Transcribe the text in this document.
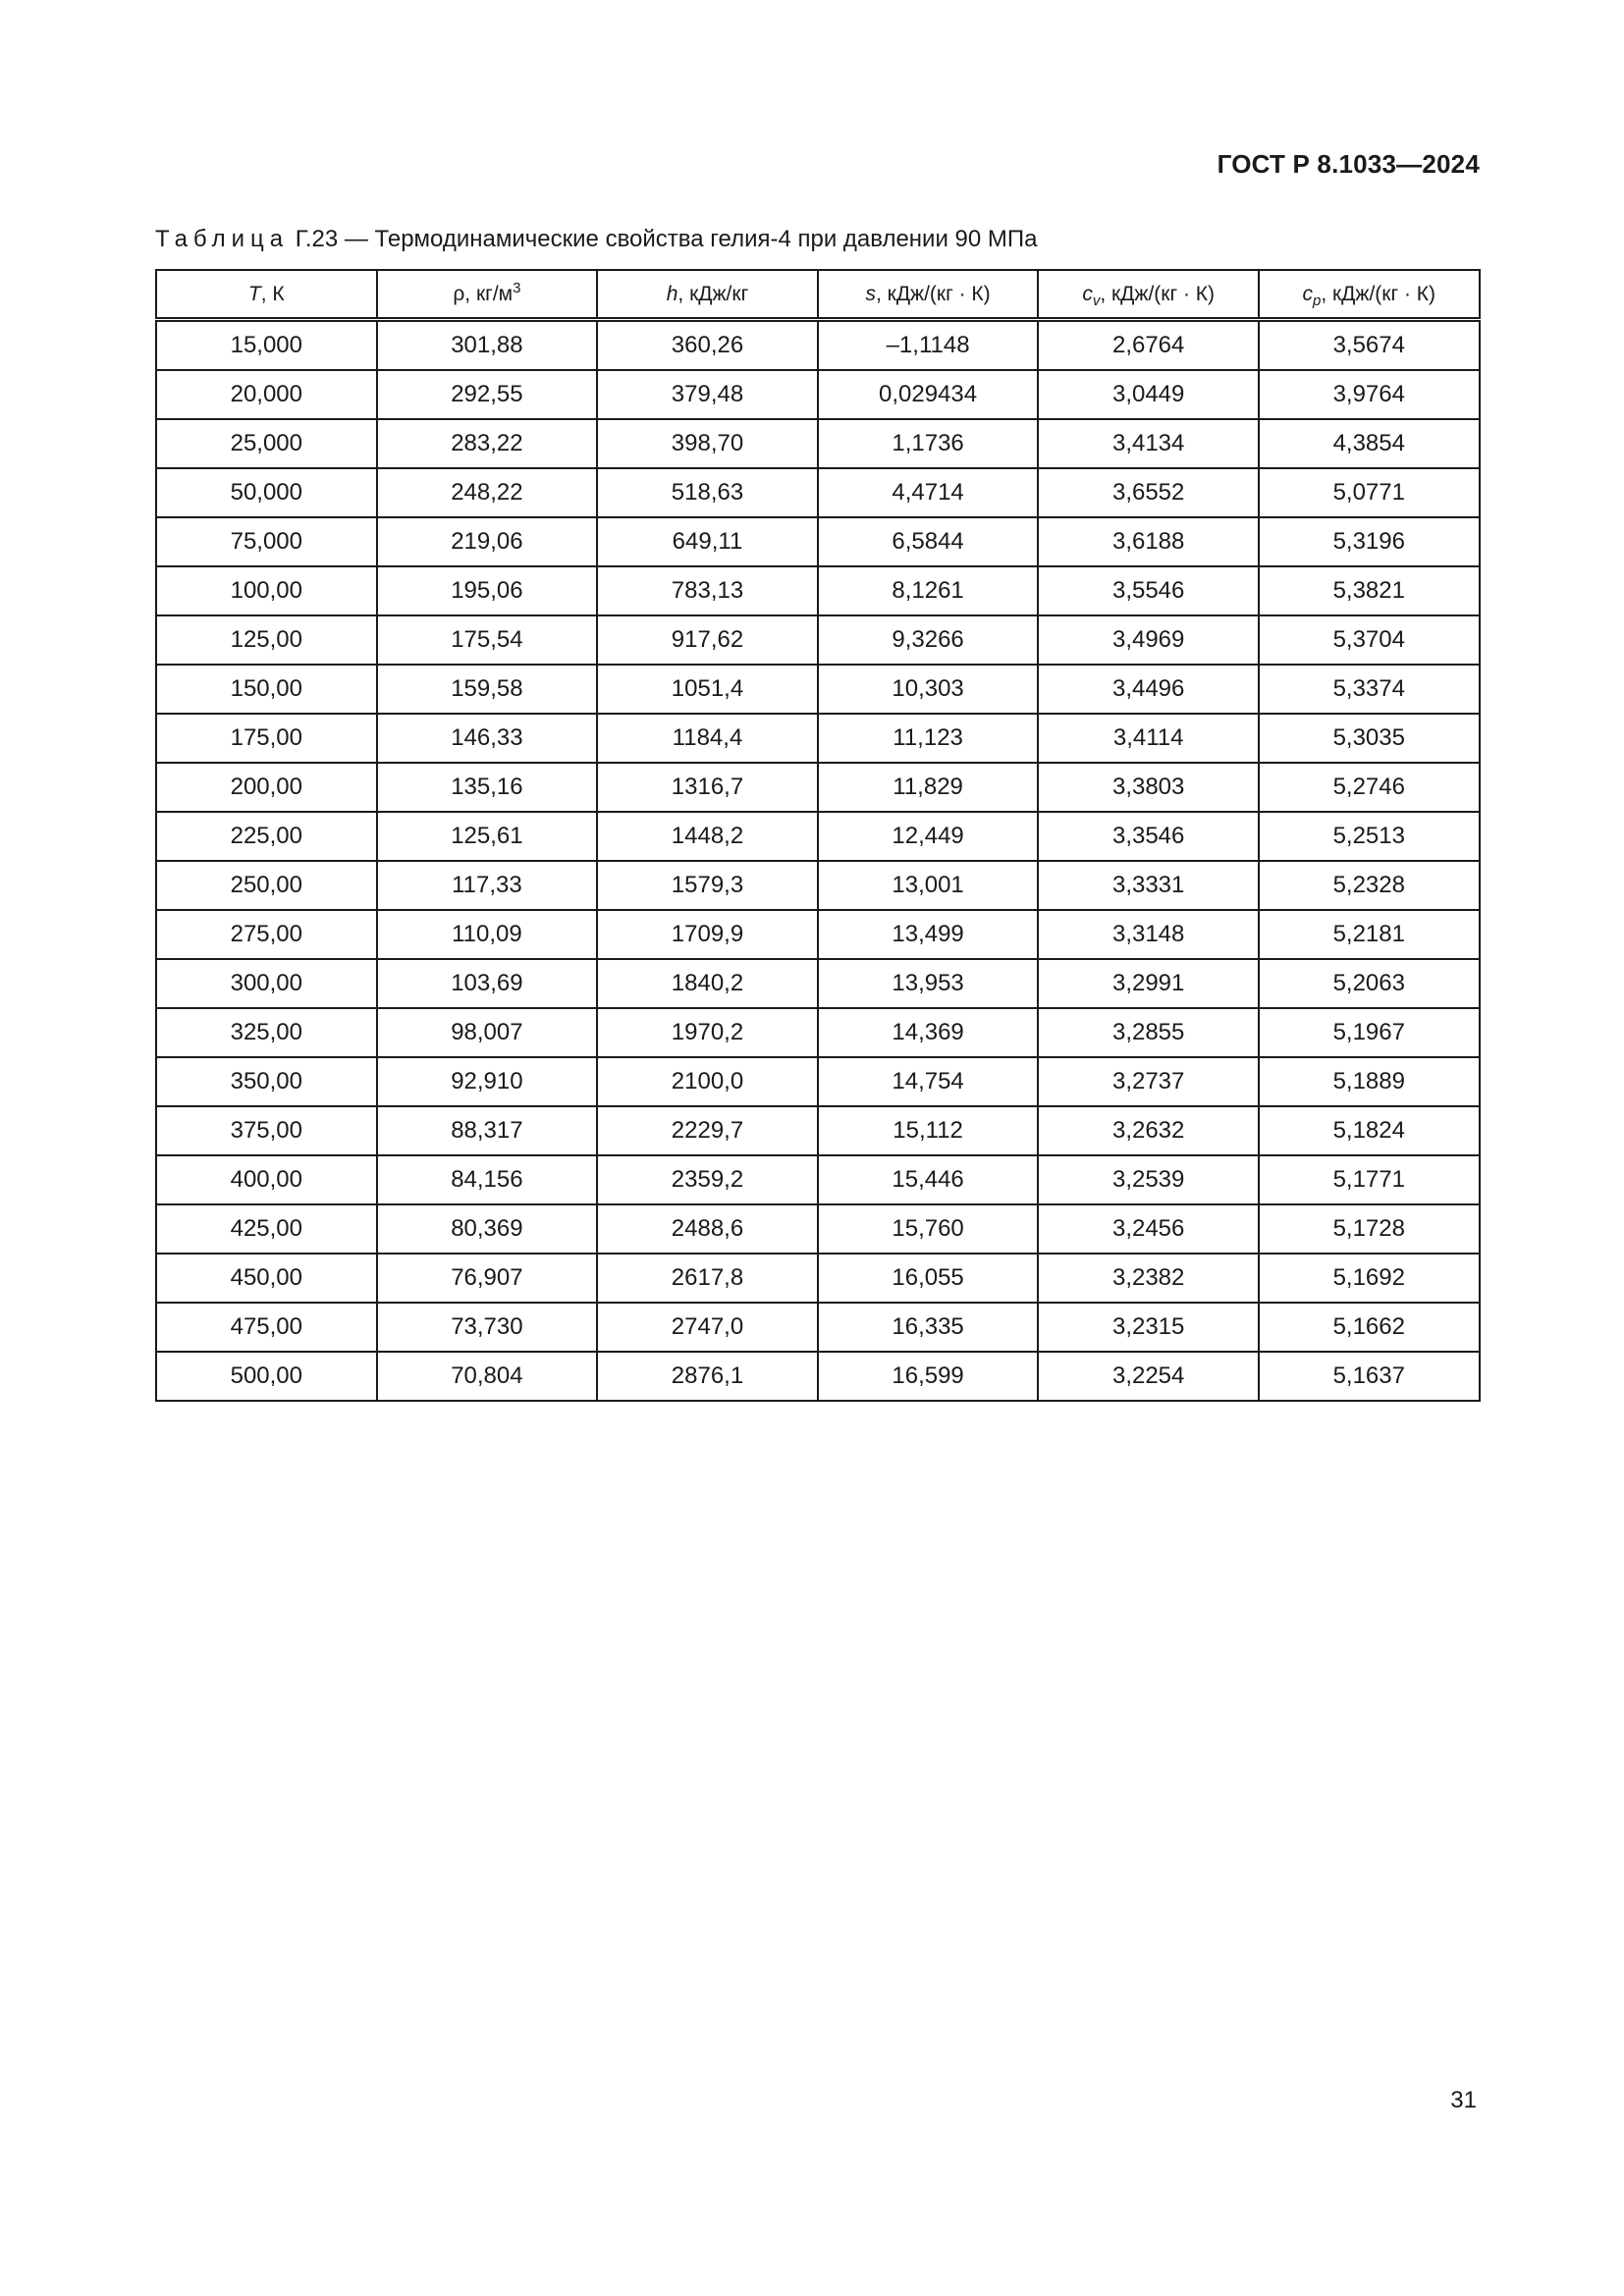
ГОСТ Р 8.1033—2024
Таблица Г.23 — Термодинамические свойства гелия-4 при давлении 90 МПа
T, К	ρ, $кг/м^3$	h, кДж/кг	s, кДж/(кг · К)	$c_v$, кДж/(кг · К)	$c_p$, кДж/(кг · К)
15,000	301,88	360,26	–1,1148	2,6764	3,5674
20,000	292,55	379,48	0,029434	3,0449	3,9764
25,000	283,22	398,70	1,1736	3,4134	4,3854
50,000	248,22	518,63	4,4714	3,6552	5,0771
75,000	219,06	649,11	6,5844	3,6188	5,3196
100,00	195,06	783,13	8,1261	3,5546	5,3821
125,00	175,54	917,62	9,3266	3,4969	5,3704
150,00	159,58	1051,4	10,303	3,4496	5,3374
175,00	146,33	1184,4	11,123	3,4114	5,3035
200,00	135,16	1316,7	11,829	3,3803	5,2746
225,00	125,61	1448,2	12,449	3,3546	5,2513
250,00	117,33	1579,3	13,001	3,3331	5,2328
275,00	110,09	1709,9	13,499	3,3148	5,2181
300,00	103,69	1840,2	13,953	3,2991	5,2063
325,00	98,007	1970,2	14,369	3,2855	5,1967
350,00	92,910	2100,0	14,754	3,2737	5,1889
375,00	88,317	2229,7	15,112	3,2632	5,1824
400,00	84,156	2359,2	15,446	3,2539	5,1771
425,00	80,369	2488,6	15,760	3,2456	5,1728
450,00	76,907	2617,8	16,055	3,2382	5,1692
475,00	73,730	2747,0	16,335	3,2315	5,1662
500,00	70,804	2876,1	16,599	3,2254	5,1637
31
